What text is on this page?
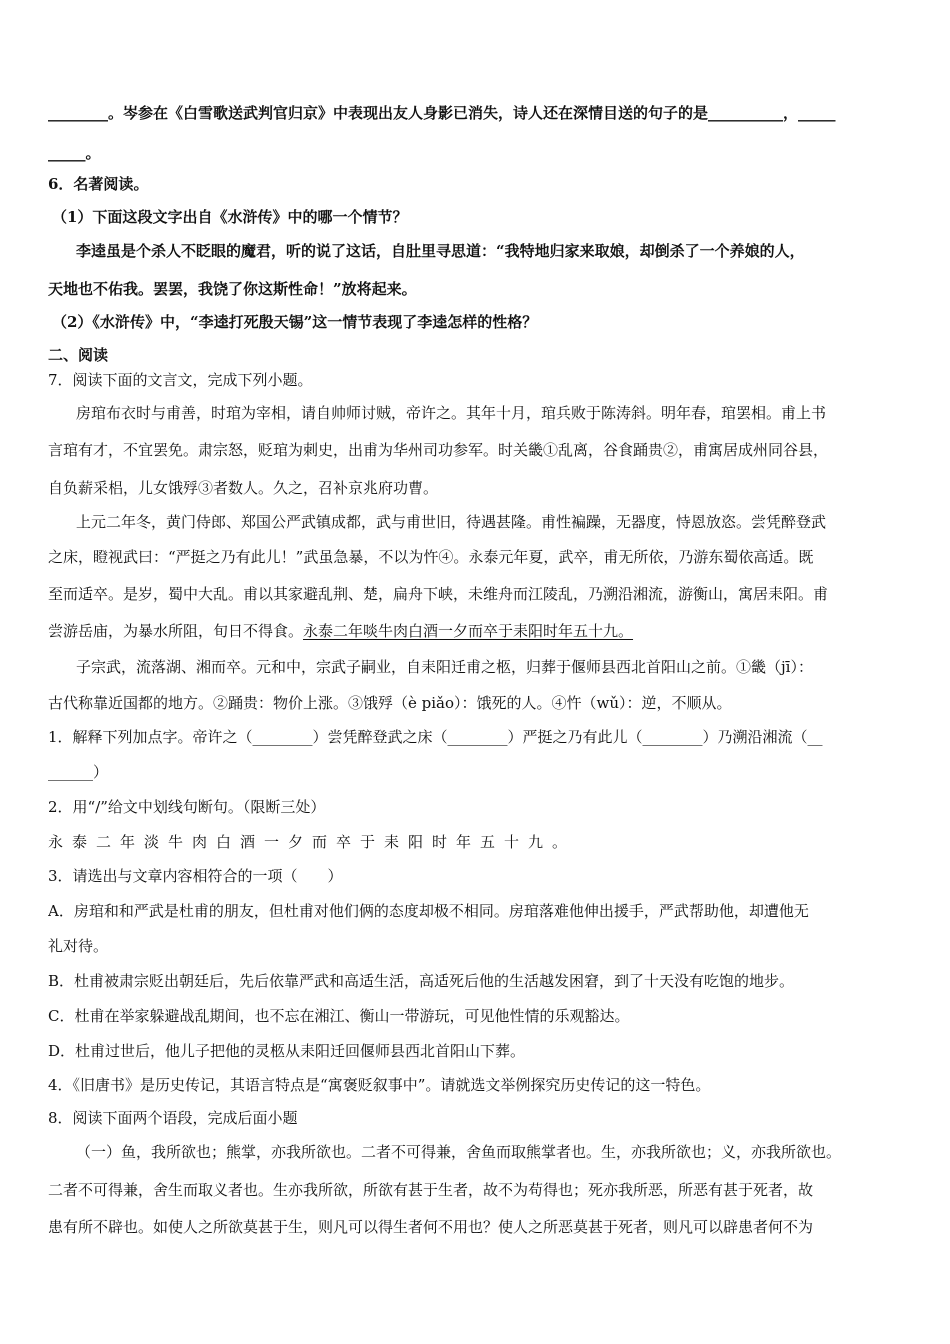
________。岑参在《白雪歌送武判官归京》中表现出友人身影已消失，诗人还在深情目送的句子的是__________，_____
_____。
6．名著阅读。
（1）下面这段文字出自《水浒传》中的哪一个情节？
李逵虽是个杀人不眨眼的魔君，听的说了这话，自肚里寻思道：“我特地归家来取娘，却倒杀了一个养娘的人，
天地也不佑我。罢罢，我饶了你这斯性命！”放将起来。
（2）《水浒传》中，“李逵打死殷天锡”这一情节表现了李逵怎样的性格？
二、阅读
7．阅读下面的文言文，完成下列小题。
房琯布衣时与甫善，时琯为宰相，请自帅师讨贼，帝许之。其年十月，琯兵败于陈涛斜。明年春，琯罢相。甫上书
言琯有才，不宜罢免。肃宗怒，贬琯为刺史，出甫为华州司功参军。时关畿①乱离，谷食踊贵②，甫寓居成州同谷县，
自负薪采梠，儿女饿殍③者数人。久之，召补京兆府功曹。
上元二年冬，黄门侍郎、郑国公严武镇成都，武与甫世旧，待遇甚隆。甫性褊躁，无器度，恃恩放恣。尝凭醉登武
之床，瞪视武曰：“严挺之乃有此儿！”武虽急暴，不以为忤④。永泰元年夏，武卒，甫无所依，乃游东蜀依高适。既
至而适卒。是岁，蜀中大乱。甫以其家避乱荆、楚，扁舟下峡，未维舟而江陵乱，乃溯沿湘流，游衡山，寓居耒阳。甫
尝游岳庙，为暴水所阻，旬日不得食。永泰二年啖牛肉白酒一夕而卒于耒阳时年五十九。
子宗武，流落湖、湘而卒。元和中，宗武子嗣业，自耒阳迁甫之柩，归葬于偃师县西北首阳山之前。①畿（jī）：
古代称靠近国都的地方。②踊贵：物价上涨。③饿殍（è piǎo）：饿死的人。④忤（wǔ）：逆，不顺从。
1．解释下列加点字。帝许之（________）尝凭醉登武之床（________）严挺之乃有此儿（________）乃溯沿湘流（__
______）
2．用“/”给文中划线句断句。（限断三处）
永泰二年淡牛肉白酒一夕而卒于耒阳时年五十九。
3．请选出与文章内容相符合的一项（　　）
A．房琯和和严武是杜甫的朋友，但杜甫对他们俩的态度却极不相同。房琯落难他伸出援手，严武帮助他，却遭他无
礼对待。
B．杜甫被肃宗贬出朝廷后，先后依靠严武和高适生活，高适死后他的生活越发困窘，到了十天没有吃饱的地步。
C．杜甫在举家躲避战乱期间，也不忘在湘江、衡山一带游玩，可见他性情的乐观豁达。
D．杜甫过世后，他儿子把他的灵柩从耒阳迁回偃师县西北首阳山下葬。
4．《旧唐书》是历史传记，其语言特点是“寓褒贬叙事中”。请就选文举例探究历史传记的这一特色。
8．阅读下面两个语段，完成后面小题
（一）鱼，我所欲也；熊掌，亦我所欲也。二者不可得兼，舍鱼而取熊掌者也。生，亦我所欲也；义，亦我所欲也。
二者不可得兼，舍生而取义者也。生亦我所欲，所欲有甚于生者，故不为苟得也；死亦我所恶，所恶有甚于死者，故
患有所不辟也。如使人之所欲莫甚于生，则凡可以得生者何不用也？使人之所恶莫甚于死者，则凡可以辟患者何不为
